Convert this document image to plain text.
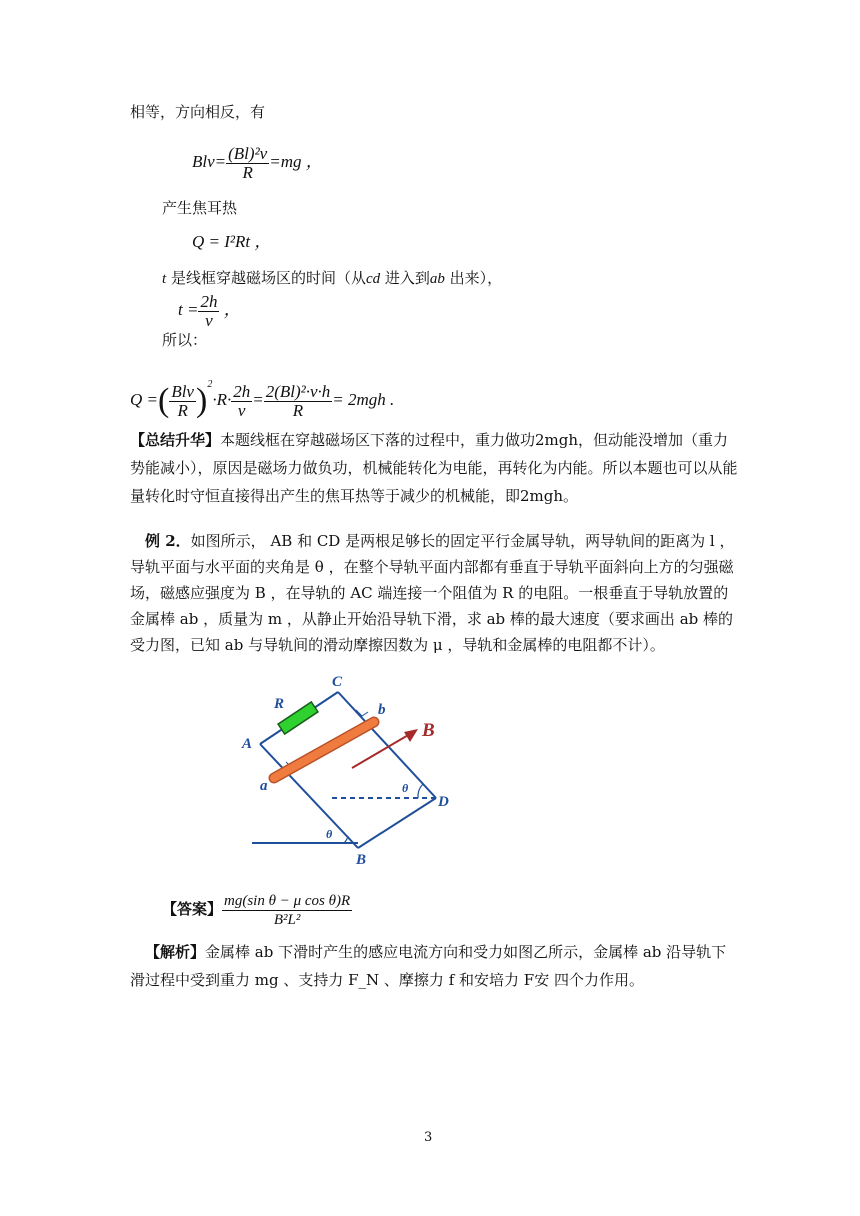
相等，方向相反，有
$Blv= \frac{\text{(Bl)²v}}{R} =mg$ ，
产生焦耳热
Q = I²Rt ，
t 是线框穿越磁场区的时间（从cd 进入到ab 出来），
$t = \frac{2h}{v}$ ，
所以：
Q =( $\frac{\text{Blv}}{R} )^2\cdot R\cdot \frac{2h}{v} = \frac{\text{2(Bl)²·v·h}}{R} = 2mgh$ .
【总结升华】本题线框在穿越磁场区下落的过程中，重力做功2mgh，但动能没增加（重力势能减小），原因是磁场力做负功，机械能转化为电能，再转化为内能。所以本题也可以从能量转化时守恒直接得出产生的焦耳热等于减少的机械能，即2mgh。
例 2．如图所示， AB 和 CD 是两根足够长的固定平行金属导轨，两导轨间的距离为 l ，导轨平面与水平面的夹角是 θ ，在整个导轨平面内部都有垂直于导轨平面斜向上方的匀强磁场，磁感应强度为 B ，在导轨的 AC 端连接一个阻值为 R 的电阻。一根垂直于导轨放置的金属棒 ab ，质量为 m ，从静止开始沿导轨下滑，求 ab 棒的最大速度（要求画出 ab 棒的受力图，已知 ab 与导轨间的滑动摩擦因数为 μ ，导轨和金属棒的电阻都不计）。
R
C
b
A
a	θ
D
θ
B
B
【答案】 $\frac{\text{mg(sin θ − μ cos θ)R}}{\text{B²L²}}$
【解析】金属棒 ab 下滑时产生的感应电流方向和受力如图乙所示，金属棒 ab 沿导轨下滑过程中受到重力 mg 、支持力 F_N 、摩擦力 f 和安培力 F安 四个力作用。
3
